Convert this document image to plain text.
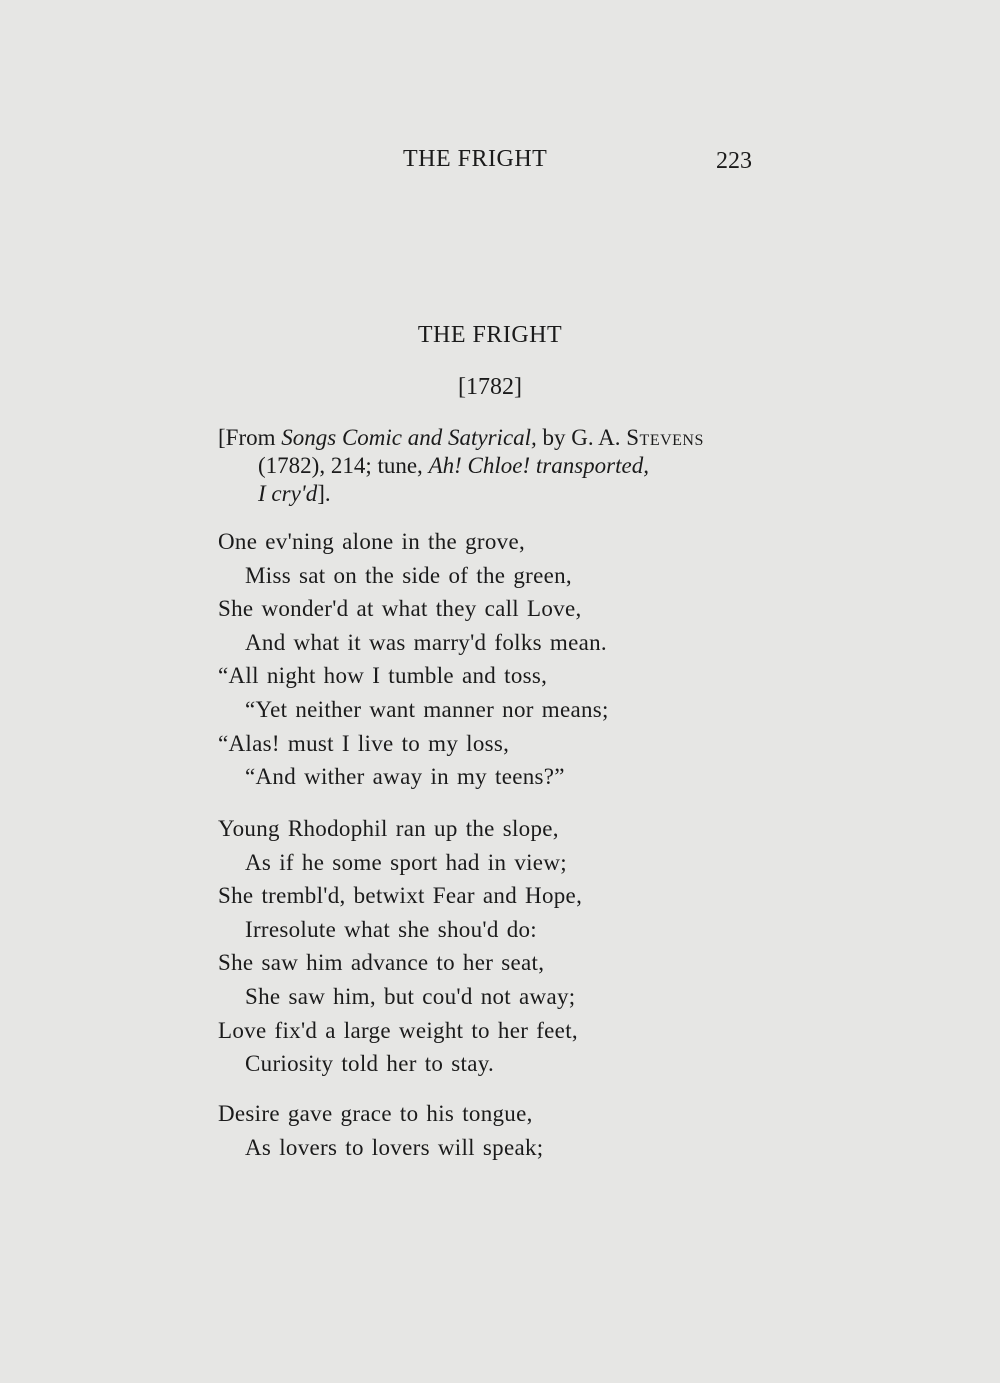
THE FRIGHT	223
THE FRIGHT
[1782]
[From Songs Comic and Satyrical, by G. A. Stevens
(1782), 214; tune, Ah! Chloe! transported,
I cry'd].
One ev'ning alone in the grove,
Miss sat on the side of the green,
She wonder'd at what they call Love,
And what it was marry'd folks mean.
“All night how I tumble and toss,
“Yet neither want manner nor means;
“Alas! must I live to my loss,
“And wither away in my teens?”
Young Rhodophil ran up the slope,
As if he some sport had in view;
She trembl'd, betwixt Fear and Hope,
Irresolute what she shou'd do:
She saw him advance to her seat,
She saw him, but cou'd not away;
Love fix'd a large weight to her feet,
Curiosity told her to stay.
Desire gave grace to his tongue,
As lovers to lovers will speak;
